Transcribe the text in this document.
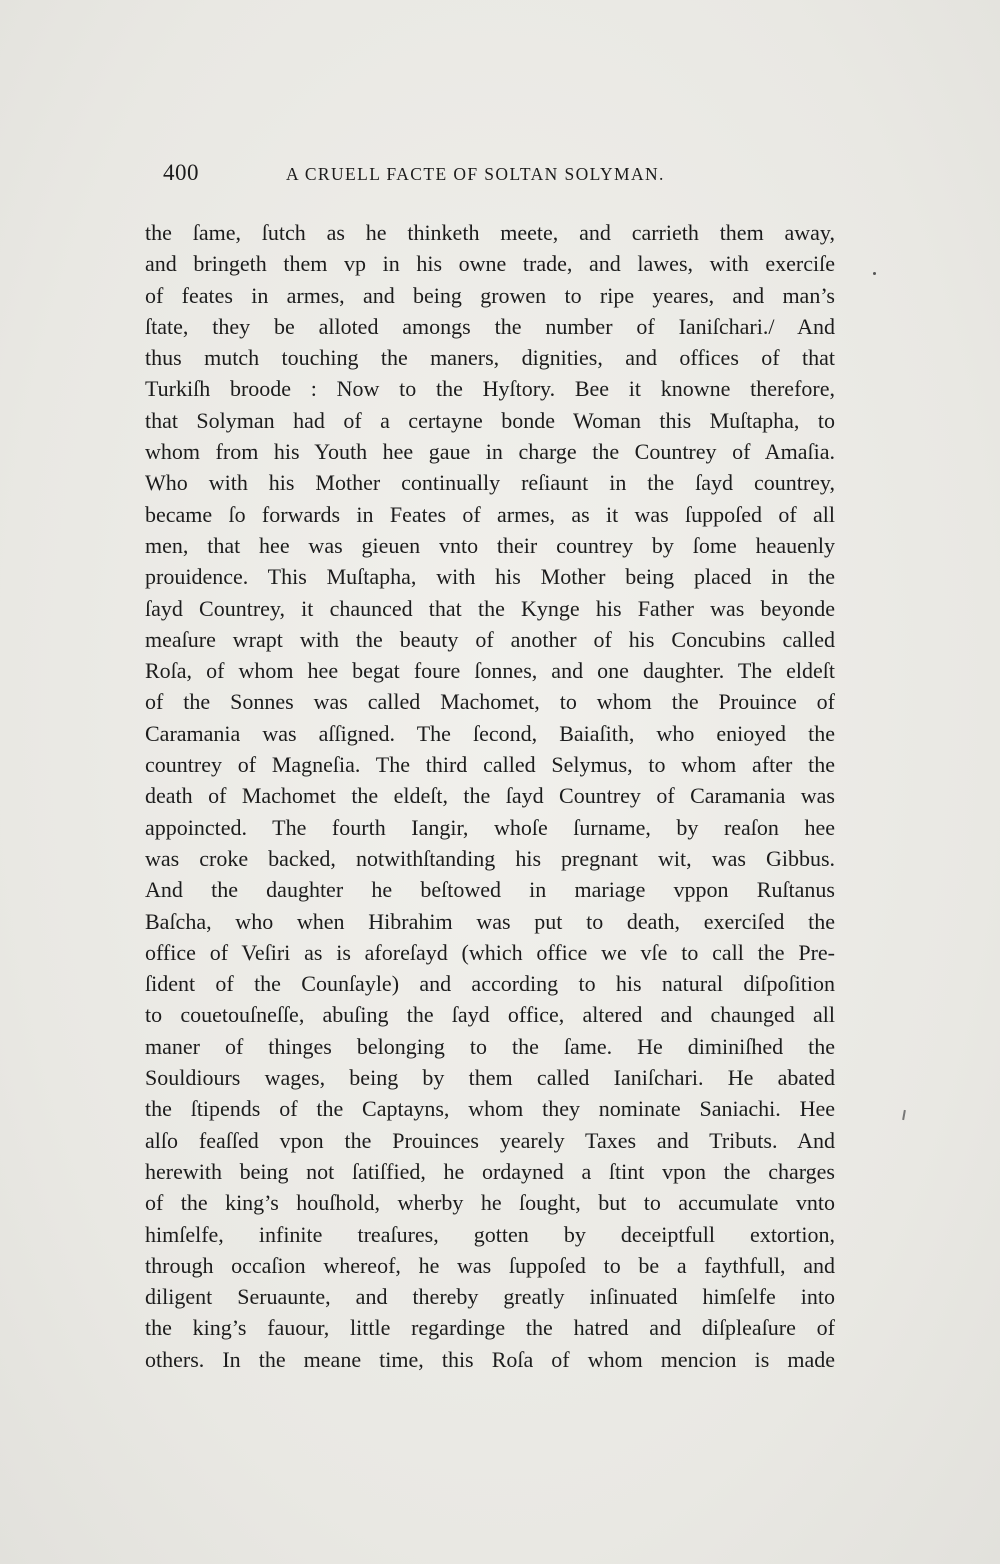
400	A CRUELL FACTE OF SOLTAN SOLYMAN.
the ſame, ſutch as he thinketh meete, and carrieth them away,
and bringeth them vp in his owne trade, and lawes, with exerciſe
of feates in armes, and being growen to ripe yeares, and man’s
ſtate, they be alloted amongs the number of Ianiſchari./ And
thus mutch touching the maners, dignities, and offices of that
Turkiſh broode : Now to the Hyſtory. Bee it knowne therefore,
that Solyman had of a certayne bonde Woman this Muſtapha, to
whom from his Youth hee gaue in charge the Countrey of Amaſia.
Who with his Mother continually reſiaunt in the ſayd countrey,
became ſo forwards in Feates of armes, as it was ſuppoſed of all
men, that hee was gieuen vnto their countrey by ſome heauenly
prouidence. This Muſtapha, with his Mother being placed in the
ſayd Countrey, it chaunced that the Kynge his Father was beyonde
meaſure wrapt with the beauty of another of his Concubins called
Roſa, of whom hee begat foure ſonnes, and one daughter. The eldeſt
of the Sonnes was called Machomet, to whom the Prouince of
Caramania was aſſigned. The ſecond, Baiaſith, who enioyed the
countrey of Magneſia. The third called Selymus, to whom after the
death of Machomet the eldeſt, the ſayd Countrey of Caramania was
appoincted. The fourth Iangir, whoſe ſurname, by reaſon hee
was croke backed, notwithſtanding his pregnant wit, was Gibbus.
And the daughter he beſtowed in mariage vppon Ruſtanus
Baſcha, who when Hibrahim was put to death, exerciſed the
office of Veſiri as is aforeſayd (which office we vſe to call the Pre-
ſident of the Counſayle) and according to his natural diſpoſition
to couetouſneſſe, abuſing the ſayd office, altered and chaunged all
maner of thinges belonging to the ſame. He diminiſhed the
Souldiours wages, being by them called Ianiſchari. He abated
the ſtipends of the Captayns, whom they nominate Saniachi. Hee
alſo feaſſed vpon the Prouinces yearely Taxes and Tributs. And
herewith being not ſatiſfied, he ordayned a ſtint vpon the charges
of the king’s houſhold, wherby he ſought, but to accumulate vnto
himſelfe, infinite treaſures, gotten by deceiptfull extortion,
through occaſion whereof, he was ſuppoſed to be a faythfull, and
diligent Seruaunte, and thereby greatly inſinuated himſelfe into
the king’s fauour, little regardinge the hatred and diſpleaſure of
others. In the meane time, this Roſa of whom mencion is made
